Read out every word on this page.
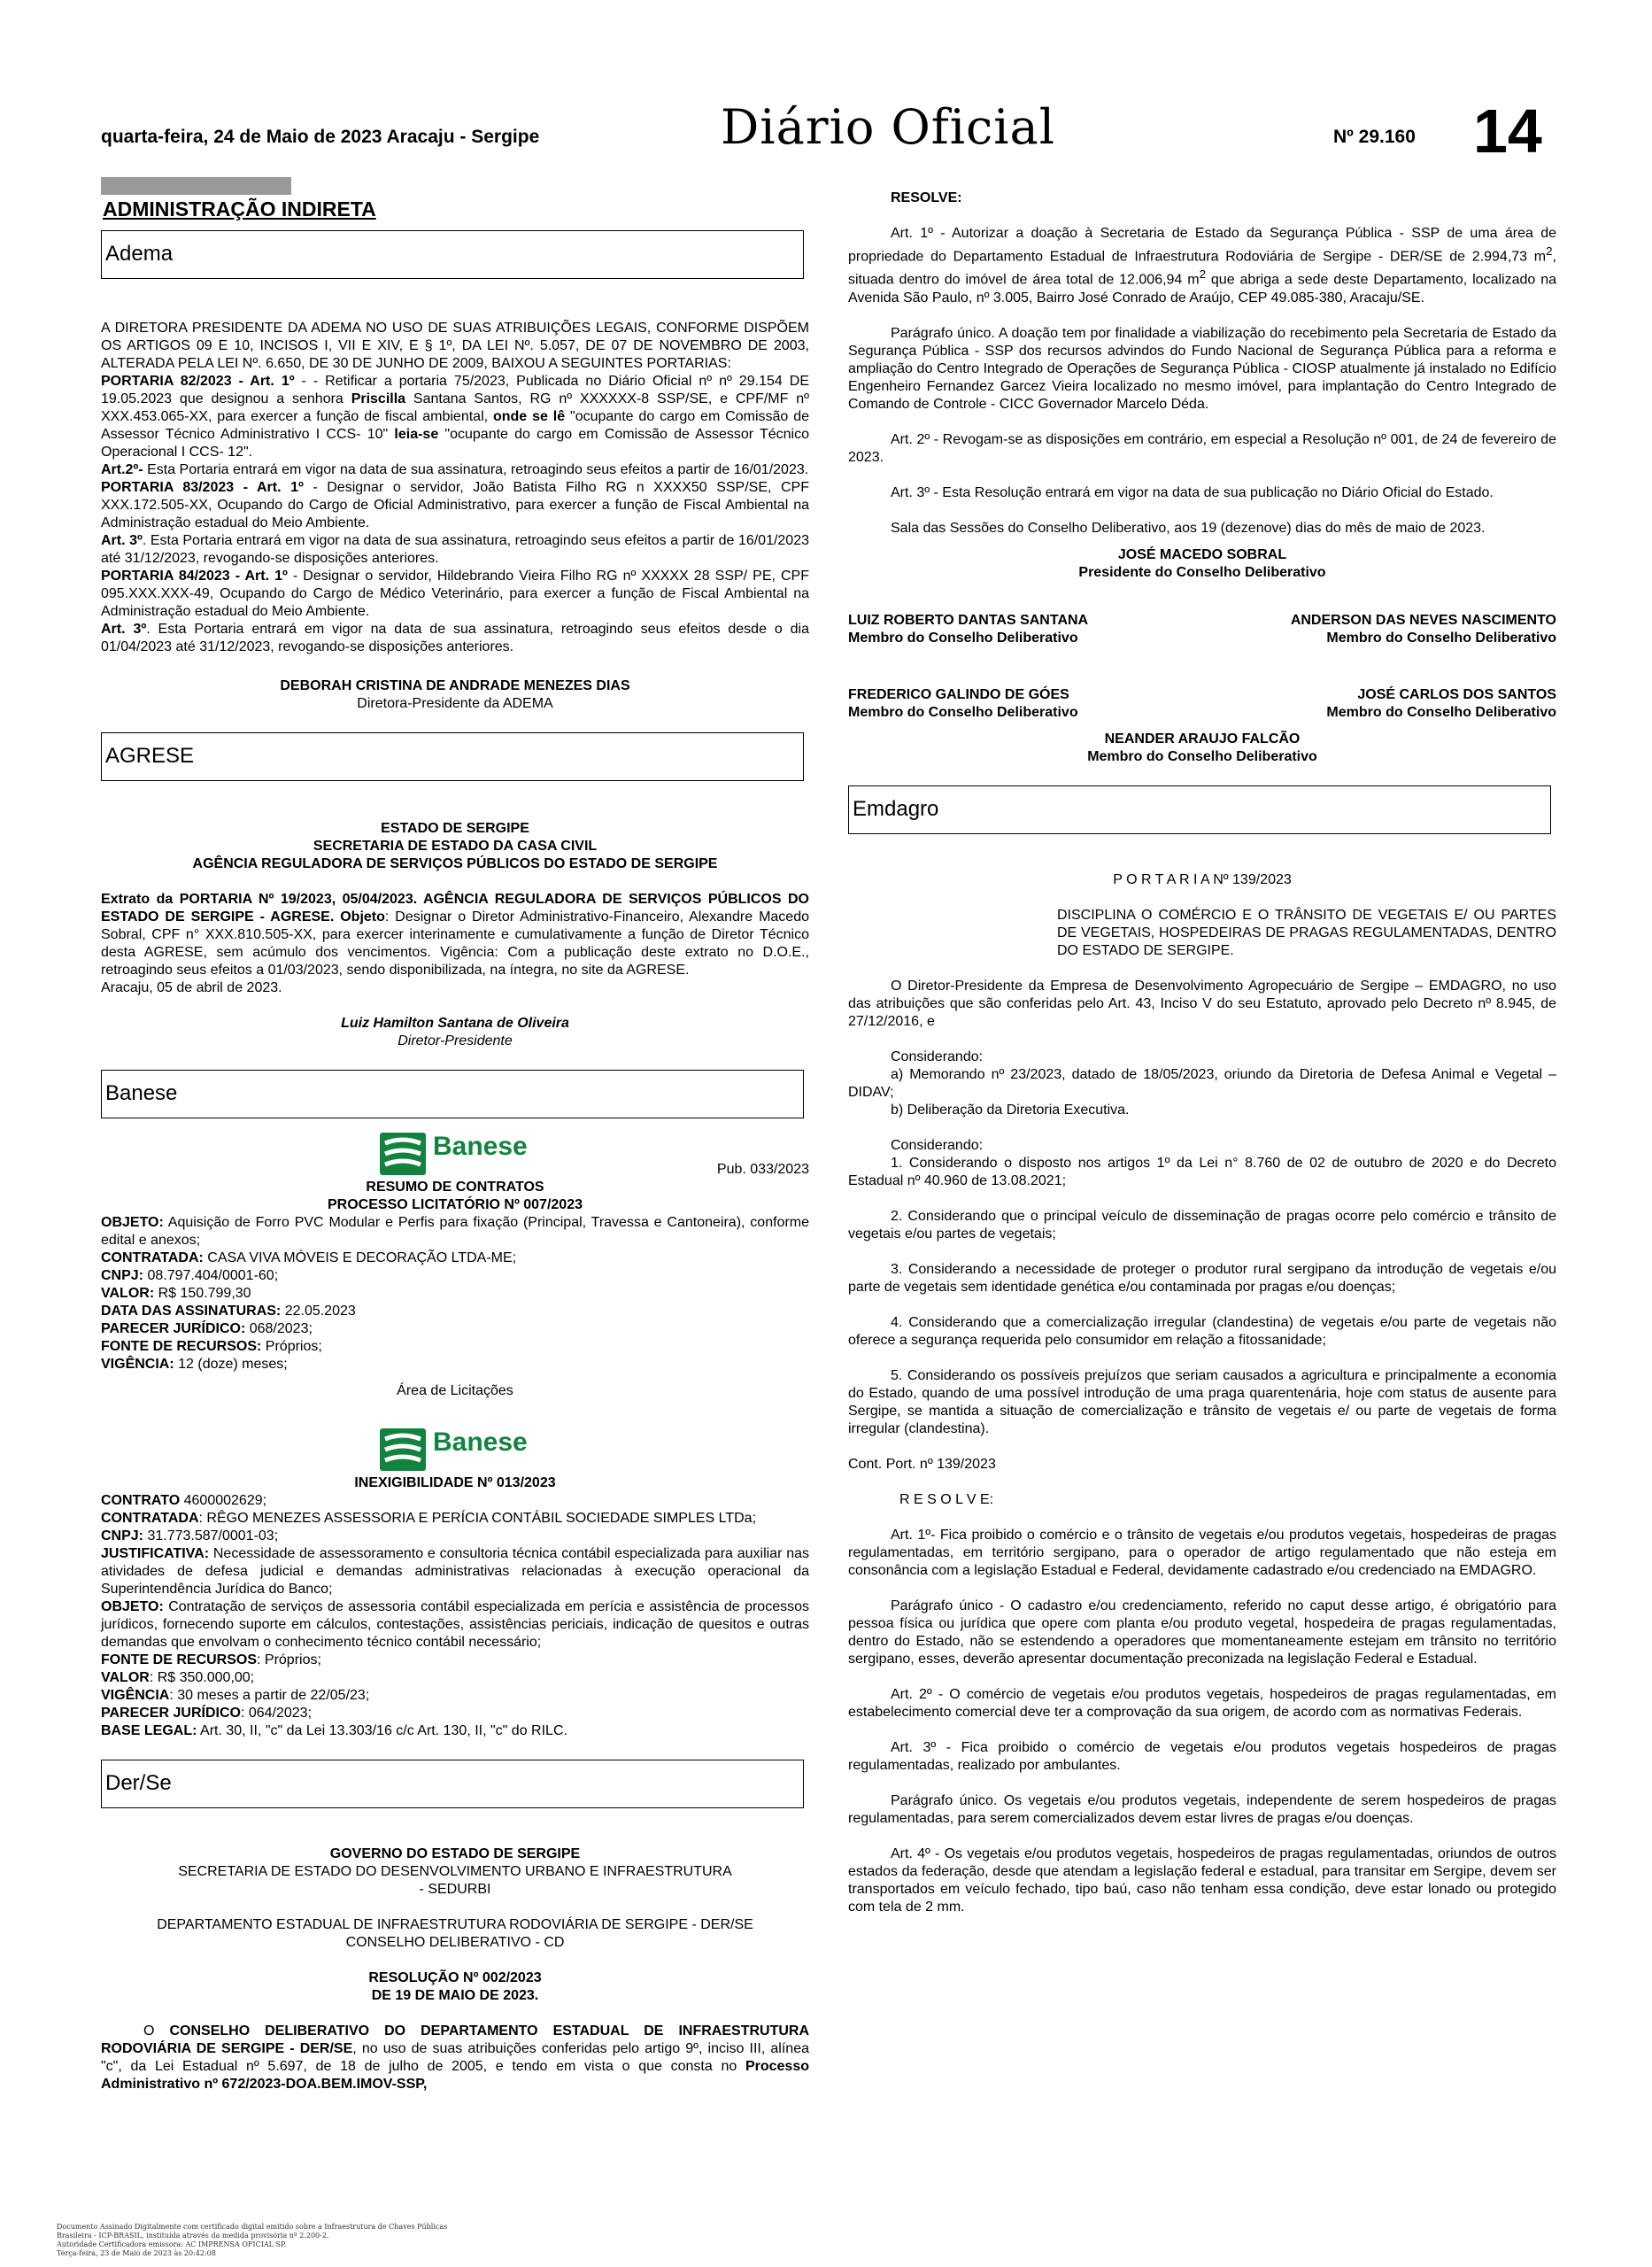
quarta-feira, 24 de Maio de 2023 Aracaju - Sergipe	Diário Oficial	Nº 29.160 14
ADMINISTRAÇÃO INDIRETA
Adema

A DIRETORA PRESIDENTE DA ADEMA NO USO DE SUAS ATRIBUIÇÕES LEGAIS, CONFORME DISPÕEM OS ARTIGOS 09 E 10, INCISOS I, VII E XIV, E § 1º, DA LEI Nº. 5.057, DE 07 DE NOVEMBRO DE 2003, ALTERADA PELA LEI Nº. 6.650, DE 30 DE JUNHO DE 2009, BAIXOU A SEGUINTES PORTARIAS:

PORTARIA 82/2023 - Art. 1º - - Retificar a portaria 75/2023, Publicada no Diário Oficial nº nº 29.154 DE 19.05.2023 que designou a senhora Priscilla Santana Santos, RG nº XXXXXX-8 SSP/SE, e CPF/MF nº XXX.453.065-XX, para exercer a função de fiscal ambiental, onde se lê "ocupante do cargo em Comissão de Assessor Técnico Administrativo I CCS- 10" leia-se "ocupante do cargo em Comissão de Assessor Técnico Operacional I CCS- 12".

Art.2º- Esta Portaria entrará em vigor na data de sua assinatura, retroagindo seus efeitos a partir de 16/01/2023.

PORTARIA 83/2023 - Art. 1º - Designar o servidor, João Batista Filho RG n XXXX50 SSP/SE, CPF XXX.172.505-XX, Ocupando do Cargo de Oficial Administrativo, para exercer a função de Fiscal Ambiental na Administração estadual do Meio Ambiente.

Art. 3º. Esta Portaria entrará em vigor na data de sua assinatura, retroagindo seus efeitos a partir de 16/01/2023 até 31/12/2023, revogando-se disposições anteriores.

PORTARIA 84/2023 - Art. 1º - Designar o servidor, Hildebrando Vieira Filho RG nº XXXXX 28 SSP/ PE, CPF 095.XXX.XXX-49, Ocupando do Cargo de Médico Veterinário, para exercer a função de Fiscal Ambiental na Administração estadual do Meio Ambiente.

Art. 3º. Esta Portaria entrará em vigor na data de sua assinatura, retroagindo seus efeitos desde o dia 01/04/2023 até 31/12/2023, revogando-se disposições anteriores.

DEBORAH CRISTINA DE ANDRADE MENEZES DIAS

Diretora-Presidente da ADEMA

AGRESE

ESTADO DE SERGIPE

SECRETARIA DE ESTADO DA CASA CIVIL

AGÊNCIA REGULADORA DE SERVIÇOS PÚBLICOS DO ESTADO DE SERGIPE

Extrato da PORTARIA Nº 19/2023, 05/04/2023. AGÊNCIA REGULADORA DE SERVIÇOS PÚBLICOS DO ESTADO DE SERGIPE - AGRESE. Objeto: Designar o Diretor Administrativo-Financeiro, Alexandre Macedo Sobral, CPF n° XXX.810.505-XX, para exercer interinamente e cumulativamente a função de Diretor Técnico desta AGRESE, sem acúmulo dos vencimentos. Vigência: Com a publicação deste extrato no D.O.E., retroagindo seus efeitos a 01/03/2023, sendo disponibilizada, na íntegra, no site da AGRESE.

Aracaju, 05 de abril de 2023.

Luiz Hamilton Santana de Oliveira

Diretor-Presidente

Banese
Banese

Pub. 033/2023

RESUMO DE CONTRATOS

PROCESSO LICITATÓRIO Nº 007/2023

OBJETO: Aquisição de Forro PVC Modular e Perfis para fixação (Principal, Travessa e Cantoneira), conforme edital e anexos;

CONTRATADA: CASA VIVA MÓVEIS E DECORAÇÃO LTDA-ME;

CNPJ: 08.797.404/0001-60;

VALOR: R$ 150.799,30

DATA DAS ASSINATURAS: 22.05.2023

PARECER JURÍDICO: 068/2023;

FONTE DE RECURSOS: Próprios;

VIGÊNCIA: 12 (doze) meses;

Área de Licitações

Banese

INEXIGIBILIDADE Nº 013/2023

CONTRATO 4600002629;

CONTRATADA: RÊGO MENEZES ASSESSORIA E PERÍCIA CONTÁBIL SOCIEDADE SIMPLES LTDa;

CNPJ: 31.773.587/0001-03;

JUSTIFICATIVA: Necessidade de assessoramento e consultoria técnica contábil especializada para auxiliar nas atividades de defesa judicial e demandas administrativas relacionadas à execução operacional da Superintendência Jurídica do Banco;

OBJETO: Contratação de serviços de assessoria contábil especializada em perícia e assistência de processos jurídicos, fornecendo suporte em cálculos, contestações, assistências periciais, indicação de quesitos e outras demandas que envolvam o conhecimento técnico contábil necessário;

FONTE DE RECURSOS: Próprios;

VALOR: R$ 350.000,00;

VIGÊNCIA: 30 meses a partir de 22/05/23;

PARECER JURÍDICO: 064/2023;

BASE LEGAL: Art. 30, II, "c" da Lei 13.303/16 c/c Art. 130, II, "c" do RILC.

Der/Se

GOVERNO DO ESTADO DE SERGIPE

SECRETARIA DE ESTADO DO DESENVOLVIMENTO URBANO E INFRAESTRUTURA

- SEDURBI

DEPARTAMENTO ESTADUAL DE INFRAESTRUTURA RODOVIÁRIA DE SERGIPE - DER/SE

CONSELHO DELIBERATIVO - CD

RESOLUÇÃO Nº 002/2023

DE 19 DE MAIO DE 2023.

O CONSELHO DELIBERATIVO DO DEPARTAMENTO ESTADUAL DE INFRAESTRUTURA RODOVIÁRIA DE SERGIPE - DER/SE, no uso de suas atribuições conferidas pelo artigo 9º, inciso III, alínea "c", da Lei Estadual nº 5.697, de 18 de julho de 2005, e tendo em vista o que consta no Processo Administrativo nº 672/2023-DOA.BEM.IMOV-SSP,

RESOLVE:

Art. 1º - Autorizar a doação à Secretaria de Estado da Segurança Pública - SSP de uma área de propriedade do Departamento Estadual de Infraestrutura Rodoviária de Sergipe - DER/SE de 2.994,73 $m^2$, situada dentro do imóvel de área total de 12.006,94 $m^2$ que abriga a sede deste Departamento, localizado na Avenida São Paulo, nº 3.005, Bairro José Conrado de Araújo, CEP 49.085-380, Aracaju/SE.

Parágrafo único. A doação tem por finalidade a viabilização do recebimento pela Secretaria de Estado da Segurança Pública - SSP dos recursos advindos do Fundo Nacional de Segurança Pública para a reforma e ampliação do Centro Integrado de Operações de Segurança Pública - CIOSP atualmente já instalado no Edifício Engenheiro Fernandez Garcez Vieira localizado no mesmo imóvel, para implantação do Centro Integrado de Comando de Controle - CICC Governador Marcelo Déda.

Art. 2º - Revogam-se as disposições em contrário, em especial a Resolução nº 001, de 24 de fevereiro de 2023.

Art. 3º - Esta Resolução entrará em vigor na data de sua publicação no Diário Oficial do Estado.

Sala das Sessões do Conselho Deliberativo, aos 19 (dezenove) dias do mês de maio de 2023.

JOSÉ MACEDO SOBRAL

Presidente do Conselho Deliberativo

LUIZ ROBERTO DANTAS SANTANA
Membro do Conselho Deliberativo
ANDERSON DAS NEVES NASCIMENTO
Membro do Conselho Deliberativo
FREDERICO GALINDO DE GÓES
Membro do Conselho Deliberativo
JOSÉ CARLOS DOS SANTOS
Membro do Conselho Deliberativo

NEANDER ARAUJO FALCÃO

Membro do Conselho Deliberativo

Emdagro

P O R T A R I A Nº 139/2023

DISCIPLINA O COMÉRCIO E O TRÂNSITO DE VEGETAIS E/ OU PARTES DE VEGETAIS, HOSPEDEIRAS DE PRAGAS REGULAMENTADAS, DENTRO DO ESTADO DE SERGIPE.

O Diretor-Presidente da Empresa de Desenvolvimento Agropecuário de Sergipe – EMDAGRO, no uso das atribuições que são conferidas pelo Art. 43, Inciso V do seu Estatuto, aprovado pelo Decreto nº 8.945, de 27/12/2016, e

Considerando:

a) Memorando nº 23/2023, datado de 18/05/2023, oriundo da Diretoria de Defesa Animal e Vegetal – DIDAV;

b) Deliberação da Diretoria Executiva.

Considerando:

1. Considerando o disposto nos artigos 1º da Lei n° 8.760 de 02 de outubro de 2020 e do Decreto Estadual nº 40.960 de 13.08.2021;

2. Considerando que o principal veículo de disseminação de pragas ocorre pelo comércio e trânsito de vegetais e/ou partes de vegetais;

3. Considerando a necessidade de proteger o produtor rural sergipano da introdução de vegetais e/ou parte de vegetais sem identidade genética e/ou contaminada por pragas e/ou doenças;

4. Considerando que a comercialização irregular (clandestina) de vegetais e/ou parte de vegetais não oferece a segurança requerida pelo consumidor em relação a fitossanidade;

5. Considerando os possíveis prejuízos que seriam causados a agricultura e principalmente a economia do Estado, quando de uma possível introdução de uma praga quarentenária, hoje com status de ausente para Sergipe, se mantida a situação de comercialização e trânsito de vegetais e/ ou parte de vegetais de forma irregular (clandestina).

Cont. Port. nº 139/2023

R E S O L V E:

Art. 1º- Fica proibido o comércio e o trânsito de vegetais e/ou produtos vegetais, hospedeiras de pragas regulamentadas, em território sergipano, para o operador de artigo regulamentado que não esteja em consonância com a legislação Estadual e Federal, devidamente cadastrado e/ou credenciado na EMDAGRO.

Parágrafo único - O cadastro e/ou credenciamento, referido no caput desse artigo, é obrigatório para pessoa física ou jurídica que opere com planta e/ou produto vegetal, hospedeira de pragas regulamentadas, dentro do Estado, não se estendendo a operadores que momentaneamente estejam em trânsito no território sergipano, esses, deverão apresentar documentação preconizada na legislação Federal e Estadual.

Art. 2º - O comércio de vegetais e/ou produtos vegetais, hospedeiros de pragas regulamentadas, em estabelecimento comercial deve ter a comprovação da sua origem, de acordo com as normativas Federais.

Art. 3º - Fica proibido o comércio de vegetais e/ou produtos vegetais hospedeiros de pragas regulamentadas, realizado por ambulantes.

Parágrafo único. Os vegetais e/ou produtos vegetais, independente de serem hospedeiros de pragas regulamentadas, para serem comercializados devem estar livres de pragas e/ou doenças.

Art. 4º - Os vegetais e/ou produtos vegetais, hospedeiros de pragas regulamentadas, oriundos de outros estados da federação, desde que atendam a legislação federal e estadual, para transitar em Sergipe, devem ser transportados em veículo fechado, tipo baú, caso não tenham essa condição, deve estar lonado ou protegido com tela de 2 mm.

Documento Assinado Digitalmente com certificado digital emitido sobre a Infraestrutura de Chaves Públicas
Brasileira - ICP-BRASIL, instituída através da medida provisória nº 2.200-2.
Autoridade Certificadora emissora: AC IMPRENSA OFICIAL SP.
Terça-feira, 23 de Maio de 2023 às 20:42:08
